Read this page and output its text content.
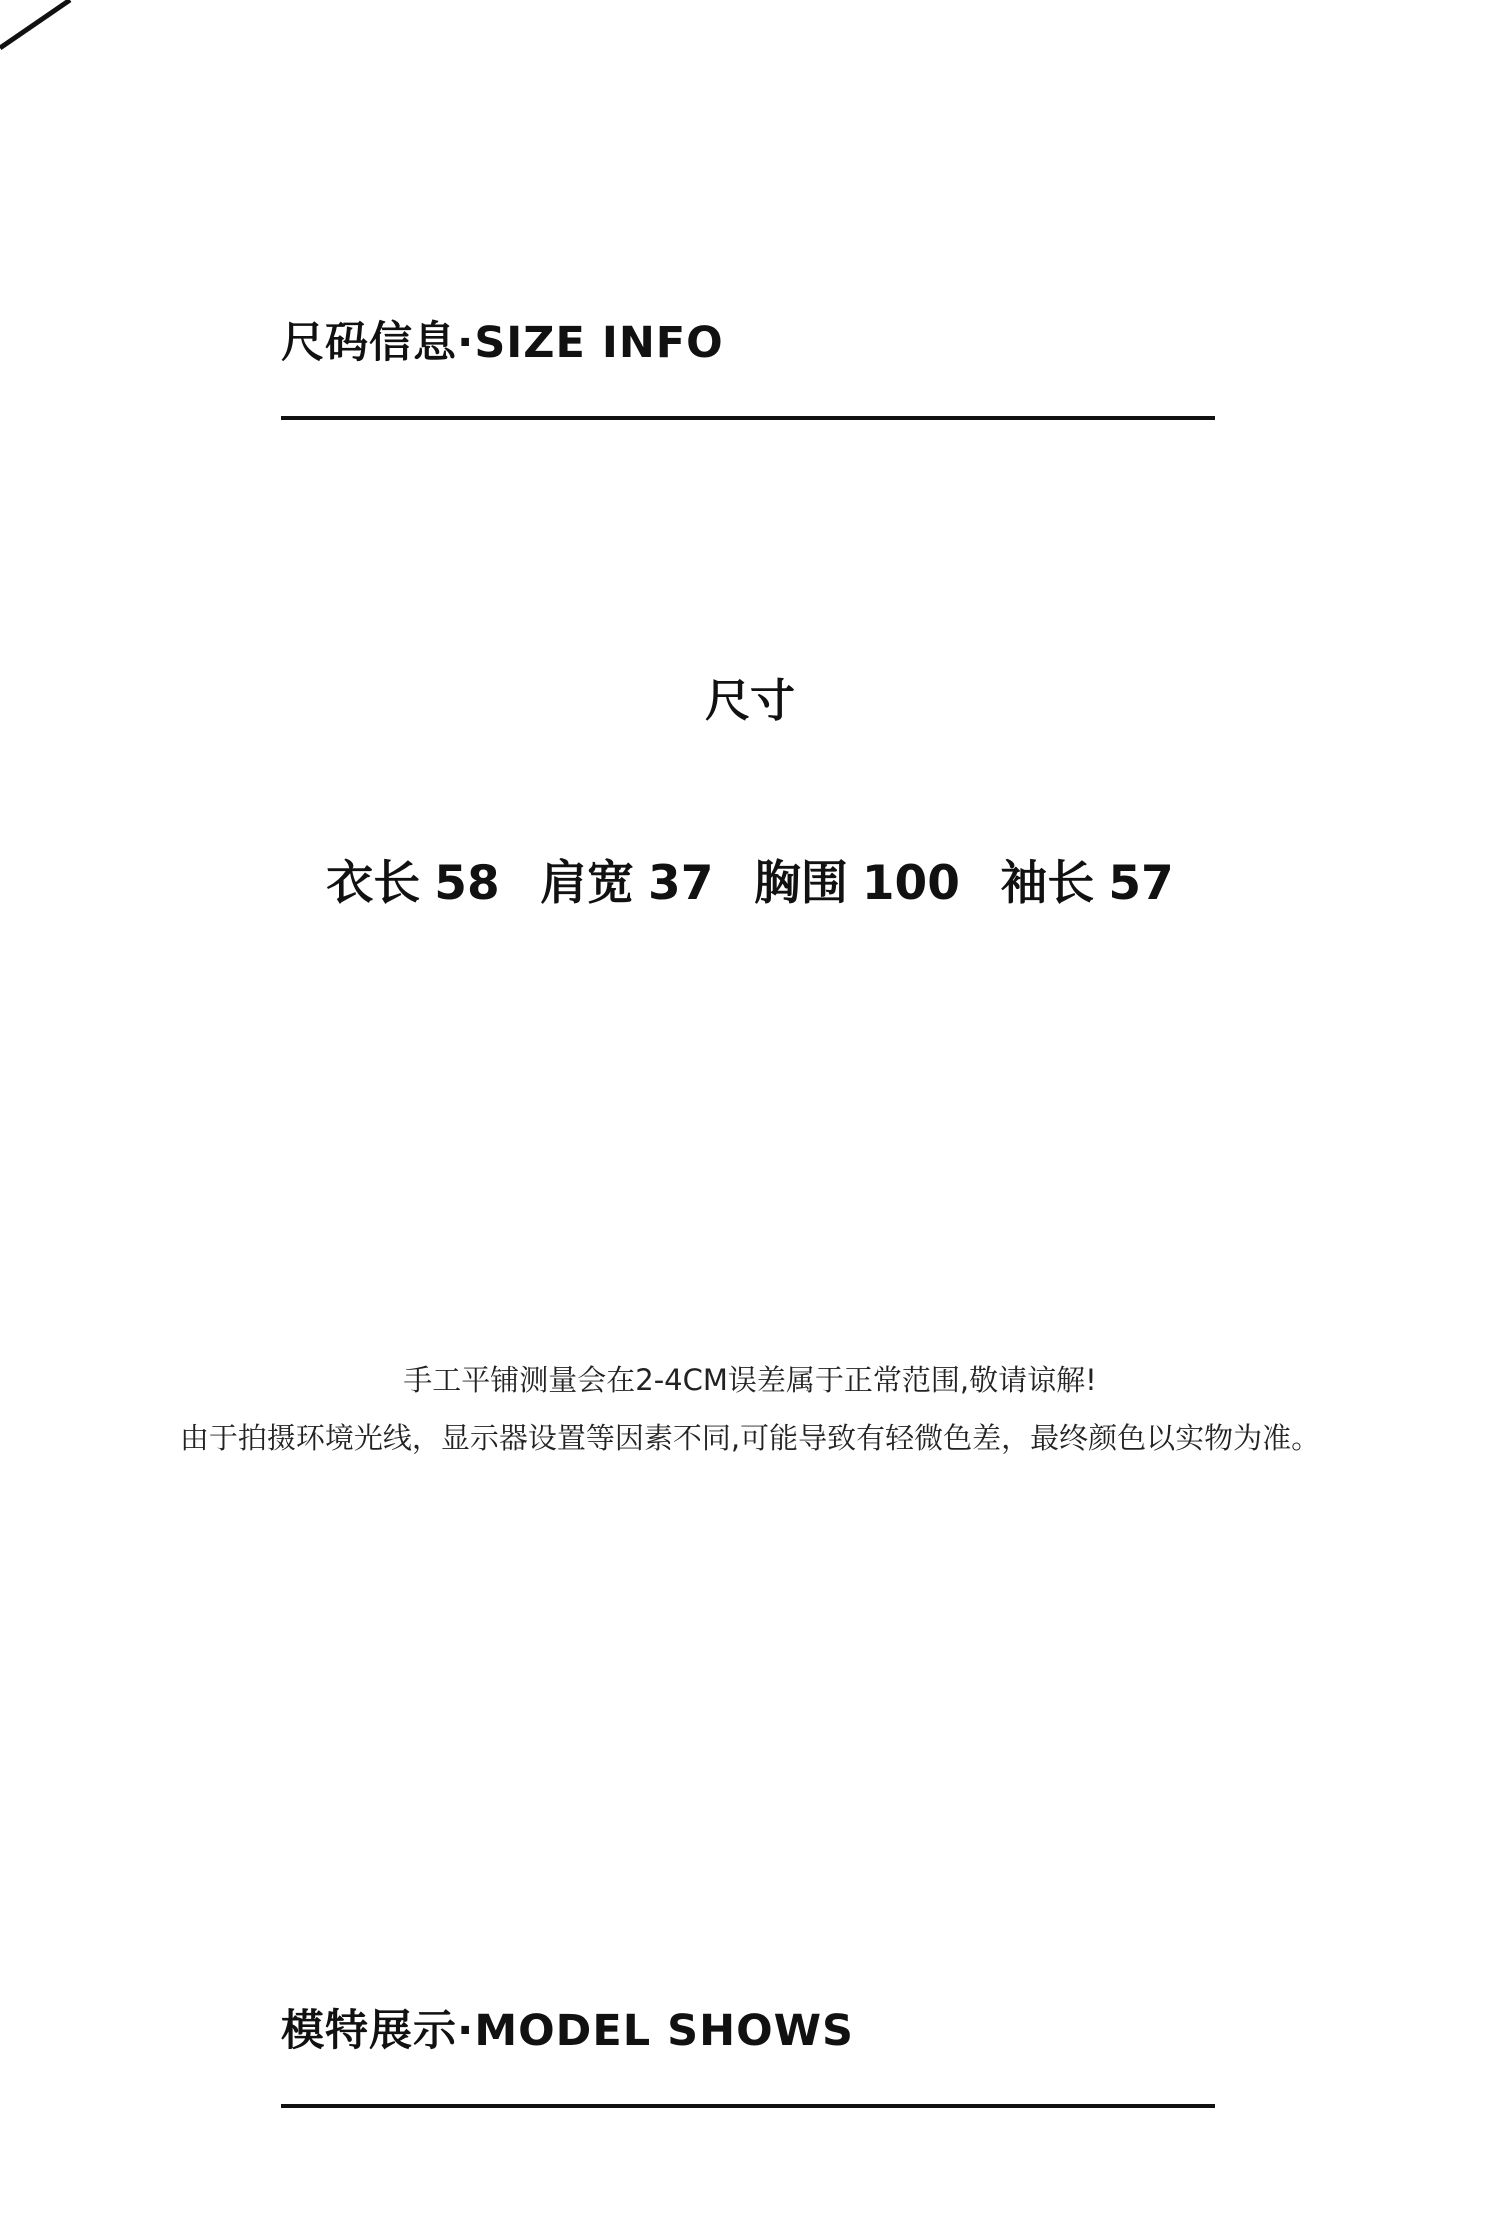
尺码信息·SIZE INFO
尺寸
衣长 58 肩宽 37 胸围 100 袖长 57
手工平铺测量会在2-4CM误差属于正常范围,敬请谅解!
由于拍摄环境光线，显示器设置等因素不同,可能导致有轻微色差，最终颜色以实物为准。
模特展示·MODEL SHOWS
